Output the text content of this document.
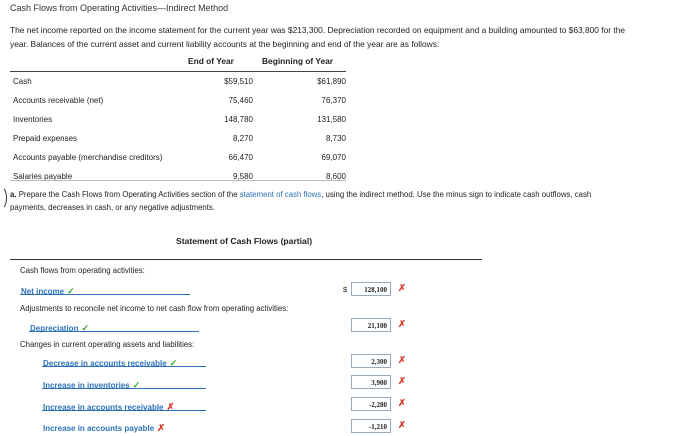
Cash Flows from Operating Activities—Indirect Method
The net income reported on the income statement for the current year was $213,300. Depreciation recorded on equipment and a building amounted to $63,800 for the
year. Balances of the current asset and current liability accounts at the beginning and end of the year are as follows:
End of Year	Beginning of Year
Cash	$59,510	$61,890
Accounts receivable (net)	75,460	76,370
Inventories	148,780	131,580
Prepaid expenses	8,270	8,730
Accounts payable (merchandise creditors)	66,470	69,070
Salaries payable	9,580	8,600
a. Prepare the Cash Flows from Operating Activities section of the statement of cash flows, using the indirect method. Use the minus sign to indicate cash outflows, cash
payments, decreases in cash, or any negative adjustments.
Statement of Cash Flows (partial)
Cash flows from operating activities:
Net income ✓	$	128,100	✗
Adjustments to reconcile net income to net cash flow from operating activities:
Depreciation ✓	21,100	✗
Changes in current operating assets and liabilities:
Decrease in accounts receivable ✓	2,300	✗
Increase in inventories ✓	3,900	✗
Increase in accounts receivable ✗	-2,280	✗
Increase in accounts payable ✗	-1,210	✗
